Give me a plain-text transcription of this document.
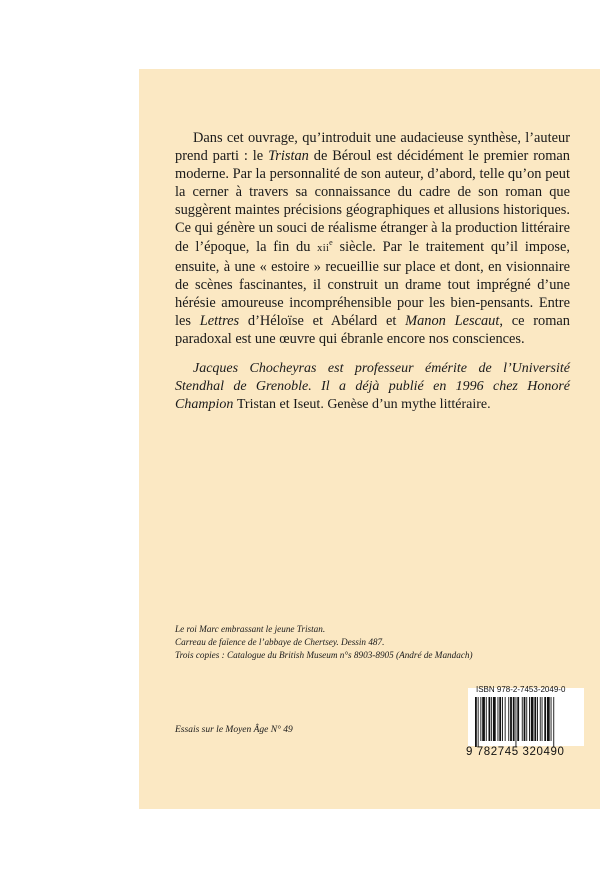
Dans cet ouvrage, qu’introduit une audacieuse synthèse, l’auteur prend parti : le Tristan de Béroul est décidément le premier roman moderne. Par la personnalité de son auteur, d’abord, telle qu’on peut la cerner à travers sa connaissance du cadre de son roman que suggèrent maintes précisions géographiques et allusions historiques. Ce qui génère un souci de réalisme étranger à la production littéraire de l’époque, la fin du xii$^e$ siècle. Par le traitement qu’il impose, ensuite, à une « estoire » recueillie sur place et dont, en visionnaire de scènes fascinantes, il construit un drame tout imprégné d’une hérésie amoureuse incompréhensible pour les bien-pensants. Entre les Lettres d’Héloïse et Abélard et Manon Lescaut, ce roman paradoxal est une œuvre qui ébranle encore nos consciences.
Jacques Chocheyras est professeur émérite de l’Université Stendhal de Grenoble. Il a déjà publié en 1996 chez Honoré Champion Tristan et Iseut. Genèse d’un mythe littéraire.
Le roi Marc embrassant le jeune Tristan.
Carreau de faïence de l’abbaye de Chertsey. Dessin 487.
Trois copies : Catalogue du British Museum n°s 8903-8905 (André de Mandach)
Essais sur le Moyen Âge N° 49
ISBN 978-2-7453-2049-0
9 782745 320490
